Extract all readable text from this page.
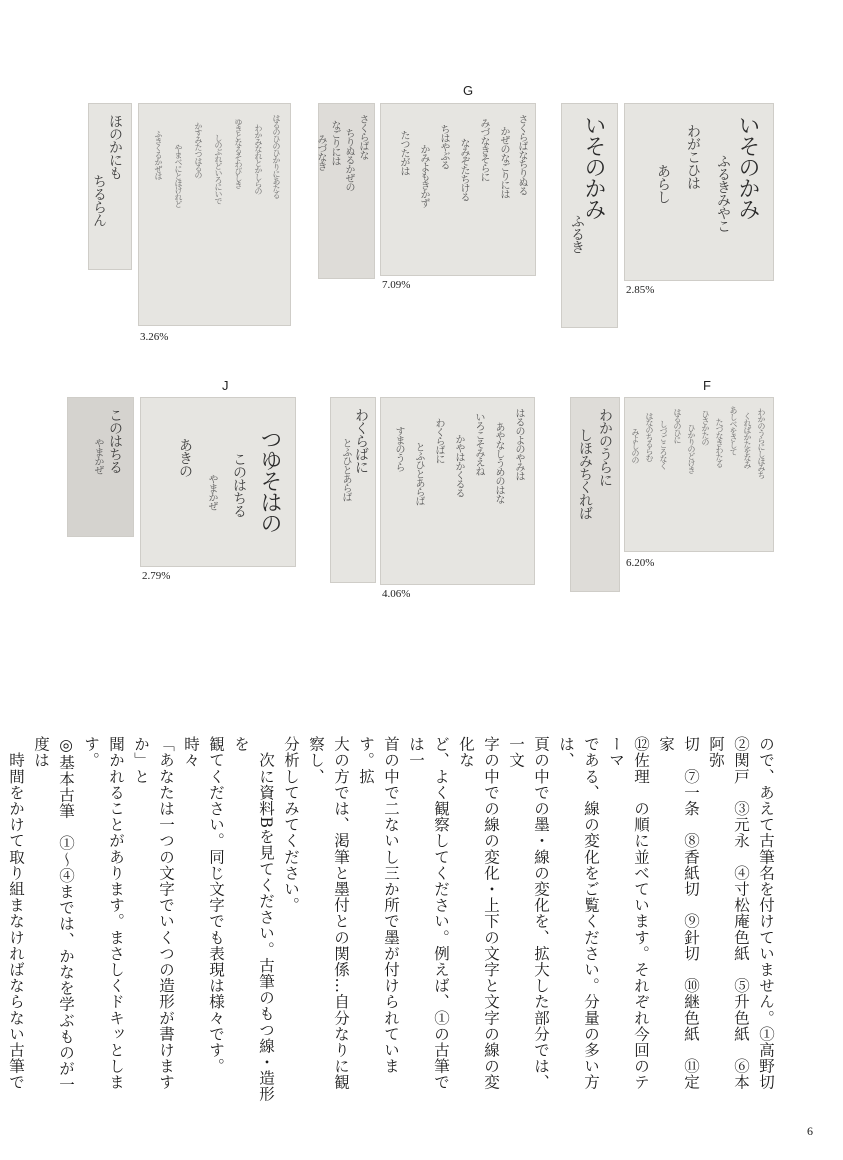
G
J	F
ほのかにも
ちるらん
はるのひのひかりにあたる
わかみなれとかしらの
ゆきとなるそわびしき
しのぶれどいろにいで
かすみたつはるの
やまべにとほけれど
ふきくるかぜは
3.26%
さくらばな
ちりぬるかぜの
なごりには
みづなき	さくらばなちりぬる
かぜのなごりには
みづなきそらに
なみぞたちける
ちはやぶる
かみよもきかず
たつたがは
7.09%
いそのかみ
ふるき
いそのかみ
ふるきみやこ
わがこひは
あらし
2.85%
このはちる
やまかぜ	つゆそはの
このはちる
やまかぜ
あきの
2.79%
わくらばに
とふひとあらば	はるのよのやみは
あやなしうめのはな
いろこそみえね
かやはかくるる
わくらばに
とふひとあらば
すまのうら
4.06%
わかのうらに
しほみちくれば	わかのうらにしほみち
くればかたをなみ
あしべをさして
たづなきわたる
ひさかたの
ひかりのどけき
はるのひに
しづごころなく
はなのちるらむ
みよしのの
6.20%

ので、あえて古筆名を付けていません。①高野切

②関戸　③元永　④寸松庵色紙　⑤升色紙　⑥本阿弥

切　⑦一条　⑧香紙切　⑨針切　⑩継色紙　⑪定家

⑫佐理　の順に並べています。それぞれ今回のテーマ

である、線の変化をご覧ください。分量の多い方は、

頁の中での墨・線の変化を、拡大した部分では、一文

字の中での線の変化・上下の文字と文字の線の変化な

ど、よく観察してください。例えば、①の古筆では一

首の中で二ないし三か所で墨が付けられています。拡

大の方では、渇筆と墨付との関係…自分なりに観察し、

分析してみてください。

　次に資料Bを見てください。古筆のもつ線・造形を

観てください。同じ文字でも表現は様々です。時々

「あなたは一つの文字でいくつの造形が書けますか」と

聞かれることがあります。まさしくドキッとします。

◎基本古筆　①〜④までは、かなを学ぶものが一度は

　時間をかけて取り組まなければならない古筆で

6
